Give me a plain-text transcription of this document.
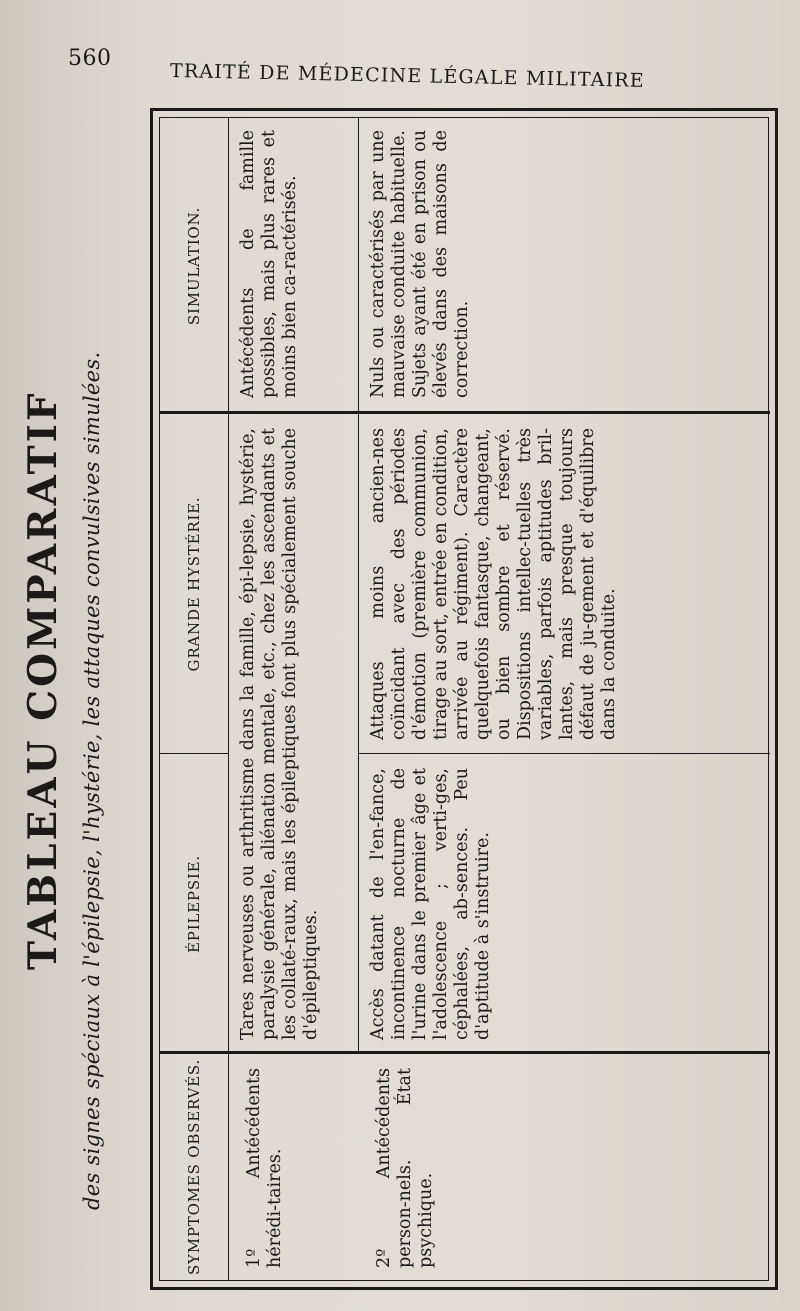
560
TRAITÉ DE MÉDECINE LÉGALE MILITAIRE
TABLEAU COMPARATIF des signes spéciaux à l'épilepsie, l'hystérie, les attaques convulsives simulées.	SYMPTOMES OBSERVÉS.
ÉPILEPSIE.
GRANDE HYSTÉRIE.
SIMULATION.
1º Antécédents hérédi-taires.
Tares nerveuses ou arthritisme dans la famille, épi-lepsie, hystérie, paralysie générale, aliénation mentale, etc., chez les ascendants et les collaté-raux, mais les épileptiques font plus spécialement souche d'épileptiques.
Antécédents de famille possibles, mais plus rares et moins bien ca-ractérisés.
2º Antécédents person-nels. État psychique.
Accès datant de l'en-fance, incontinence nocturne de l'urine dans le premier âge et l'adolescence ; verti-ges, céphalées, ab-sences. Peu d'aptitude à s'instruire.
Attaques moins ancien-nes coïncidant avec des périodes d'émotion (première communion, tirage au sort, entrée en condition, arrivée au régiment). Caractère quelquefois fantasque, changeant, ou bien sombre et réservé. Dispositions intellec-tuelles très variables, parfois aptitudes bril-lantes, mais presque toujours défaut de ju-gement et d'équilibre dans la conduite.
Nuls ou caractérisés par une mauvaise conduite habituelle. Sujets ayant été en prison ou élevés dans des maisons de correction.
